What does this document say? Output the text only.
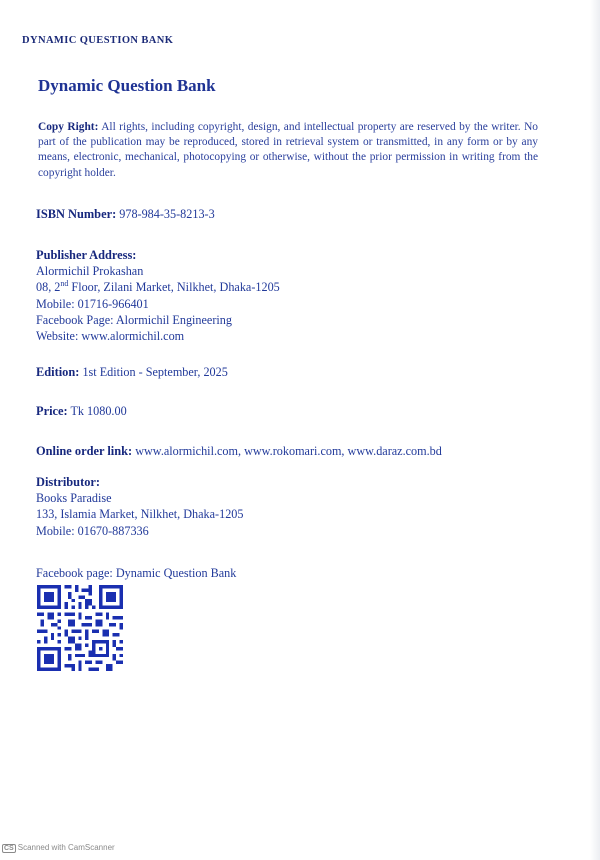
DYNAMIC QUESTION BANK
Dynamic Question Bank
Copy Right: All rights, including copyright, design, and intellectual property are reserved by the writer. No part of the publication may be reproduced, stored in retrieval system or transmitted, in any form or by any means, electronic, mechanical, photocopying or otherwise, without the prior permission in writing from the copyright holder.
ISBN Number: 978-984-35-8213-3
Publisher Address:
Alormichil Prokashan
08, 2nd Floor, Zilani Market, Nilkhet, Dhaka-1205
Mobile: 01716-966401
Facebook Page: Alormichil Engineering
Website: www.alormichil.com
Edition: 1st Edition - September, 2025
Price: Tk 1080.00
Online order link: www.alormichil.com, www.rokomari.com, www.daraz.com.bd
Distributor:
Books Paradise
133, Islamia Market, Nilkhet, Dhaka-1205
Mobile: 01670-887336
Facebook page: Dynamic Question Bank
CS Scanned with CamScanner
